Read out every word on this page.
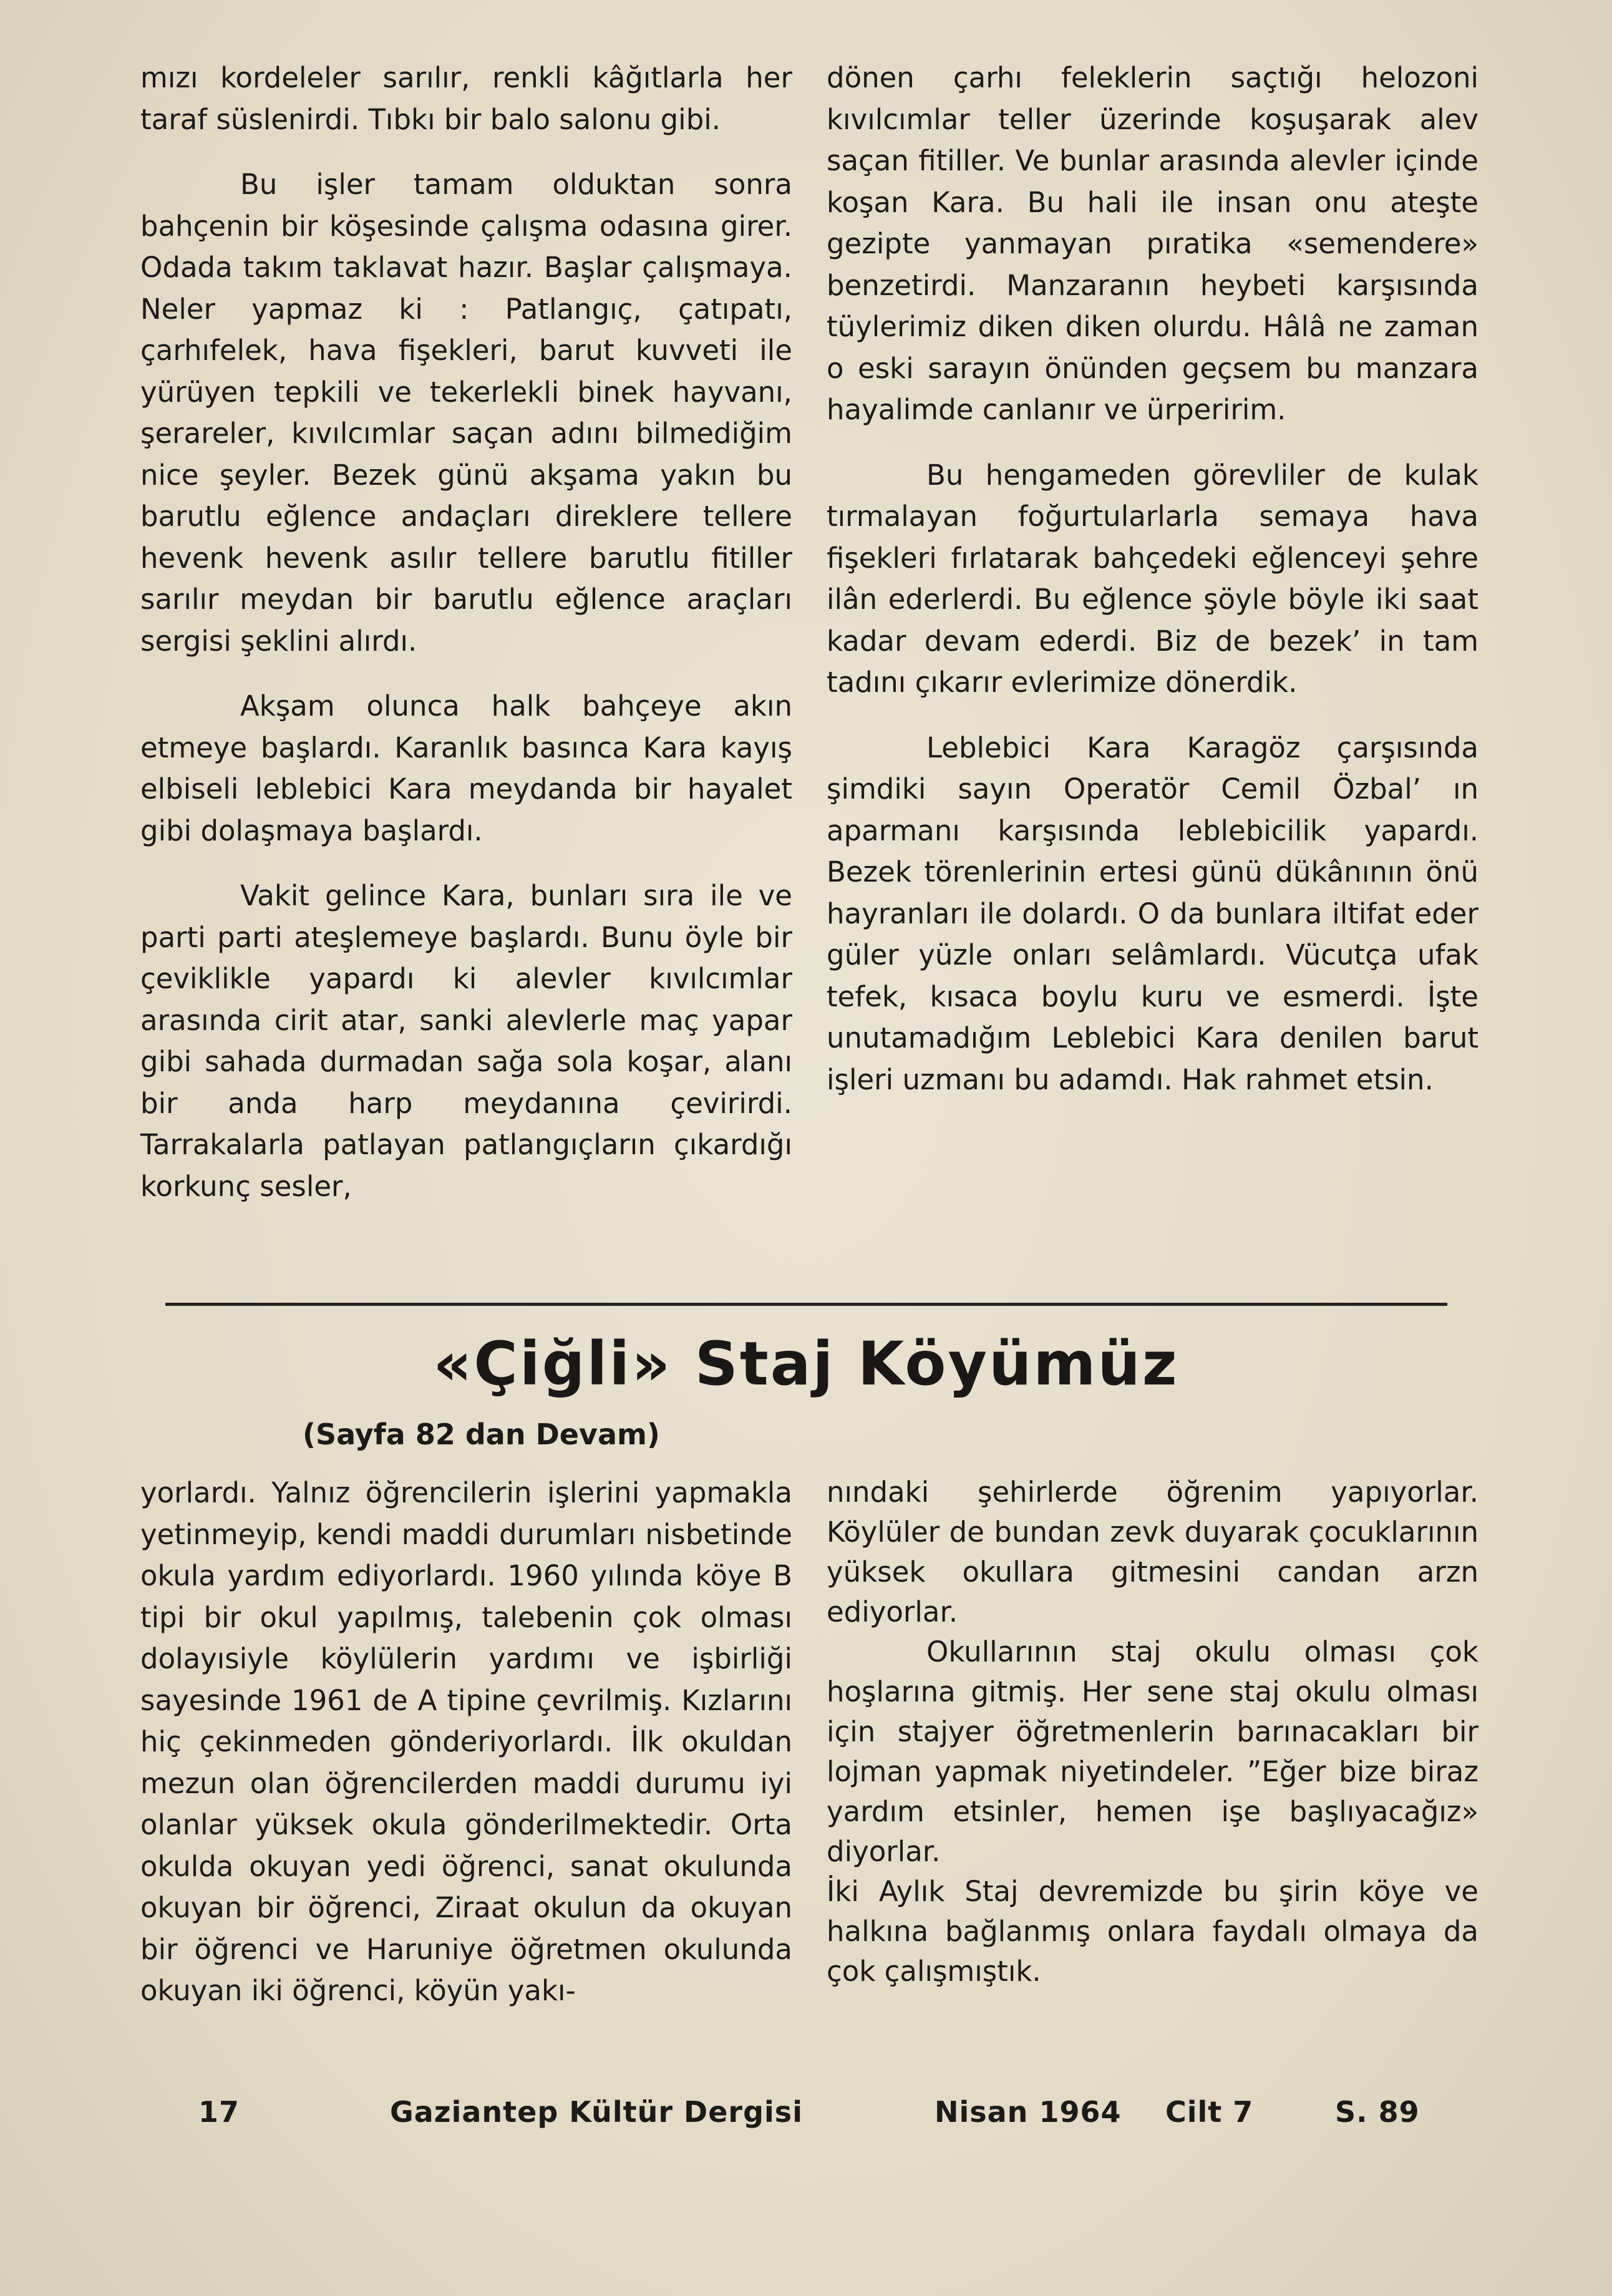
mızı kordeleler sarılır, renkli kâğıtlarla her taraf süslenirdi. Tıbkı bir balo salonu gibi.

Bu işler tamam olduktan sonra bahçenin bir köşesinde çalışma odasına girer. Odada takım taklavat hazır. Başlar çalışmaya. Neler yapmaz ki : Patlangıç, çatıpatı, çarhıfelek, hava fişekleri, barut kuvveti ile yürüyen tepkili ve tekerlekli binek hayvanı, şerareler, kıvılcımlar saçan adını bilmediğim nice şeyler. Bezek günü akşama yakın bu barutlu eğlence andaçları direklere tellere hevenk hevenk asılır tellere barutlu fitiller sarılır meydan bir barutlu eğlence araçları sergisi şeklini alırdı.

Akşam olunca halk bahçeye akın etmeye başlardı. Karanlık basınca Kara kayış elbiseli leblebici Kara meydanda bir hayalet gibi dolaşmaya başlardı.

Vakit gelince Kara, bunları sıra ile ve parti parti ateşlemeye başlardı. Bunu öyle bir çeviklikle yapardı ki alevler kıvılcımlar arasında cirit atar, sanki alevlerle maç yapar gibi sahada durmadan sağa sola koşar, alanı bir anda harp meydanına çevirirdi. Tarrakalarla patlayan patlangıçların çıkardığı korkunç sesler,

dönen çarhı feleklerin saçtığı helozoni kıvılcımlar teller üzerinde koşuşarak alev saçan fitiller. Ve bunlar arasında alevler içinde koşan Kara. Bu hali ile insan onu ateşte gezipte yanmayan pıratika «semendere» benzetirdi. Manzaranın heybeti karşısında tüylerimiz diken diken olurdu. Hâlâ ne zaman o eski sarayın önünden geçsem bu manzara hayalimde canlanır ve ürperirim.

Bu hengameden görevliler de kulak tırmalayan foğurtularlarla semaya hava fişekleri fırlatarak bahçedeki eğlenceyi şehre ilân ederlerdi. Bu eğlence şöyle böyle iki saat kadar devam ederdi. Biz de bezek’ in tam tadını çıkarır evlerimize dönerdik.

Leblebici Kara Karagöz çarşısında şimdiki sayın Operatör Cemil Özbal’ ın aparmanı karşısında leblebicilik yapardı. Bezek törenlerinin ertesi günü dükânının önü hayranları ile dolardı. O da bunlara iltifat eder güler yüzle onları selâmlardı. Vücutça ufak tefek, kısaca boylu kuru ve esmerdi. İşte unutamadığım Leblebici Kara denilen barut işleri uzmanı bu adamdı. Hak rahmet etsin.

«Çiğli» Staj Köyümüz
(Sayfa 82 dan Devam)

yorlardı. Yalnız öğrencilerin işlerini yapmakla yetinmeyip, kendi maddi durumları nisbetinde okula yardım ediyorlardı. 1960 yılında köye B tipi bir okul yapılmış, talebenin çok olması dolayısiyle köylülerin yardımı ve işbirliği sayesinde 1961 de A tipine çevrilmiş. Kızlarını hiç çekinmeden gönderiyorlardı. İlk okuldan mezun olan öğrencilerden maddi durumu iyi olanlar yüksek okula gönderilmektedir. Orta okulda okuyan yedi öğrenci, sanat okulunda okuyan bir öğrenci, Ziraat okulun da okuyan bir öğrenci ve Haruniye öğretmen okulunda okuyan iki öğrenci, köyün yakı-

nındaki şehirlerde öğrenim yapıyorlar. Köylüler de bundan zevk duyarak çocuklarının yüksek okullara gitmesini candan arzn ediyorlar.

Okullarının staj okulu olması çok hoşlarına gitmiş. Her sene staj okulu olması için stajyer öğretmenlerin barınacakları bir lojman yapmak niyetindeler. ”Eğer bize biraz yardım etsinler, hemen işe başlıyacağız» diyorlar.

İki Aylık Staj devremizde bu şirin köye ve halkına bağlanmış onlara faydalı olmaya da çok çalışmıştık.

17	Gaziantep Kültür Dergisi	Nisan 1964 Cilt 7	S. 89
